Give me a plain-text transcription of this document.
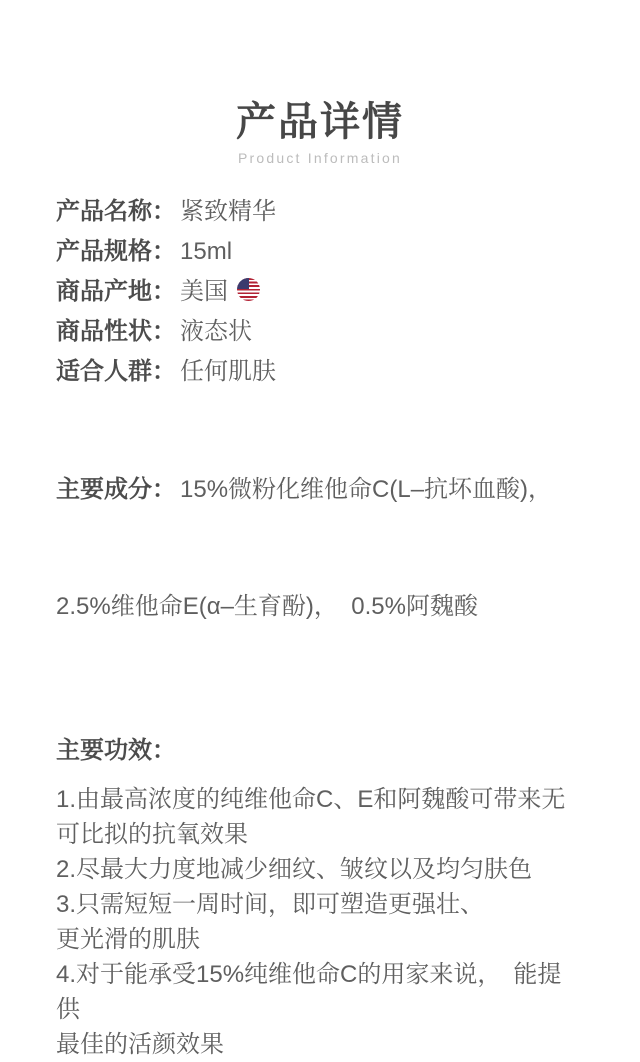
产品详情
Product Information
产品名称： 紧致精华
产品规格： 15ml
商品产地： 美国
商品性状： 液态状
适合人群： 任何肌肤

主要成分： 15%微粉化维他命C(L–抗坏血酸)，

2.5%维他命E(α–生育酚)，  0.5%阿魏酸

主要功效：
1.由最高浓度的纯维他命C、E和阿魏酸可带来无
可比拟的抗氧效果
2.尽最大力度地减少细纹、皱纹以及均匀肤色
3.只需短短一周时间，即可塑造更强壮、
更光滑的肌肤
4.对于能承受15%纯维他命C的用家来说，　能提供
最佳的活颜效果
